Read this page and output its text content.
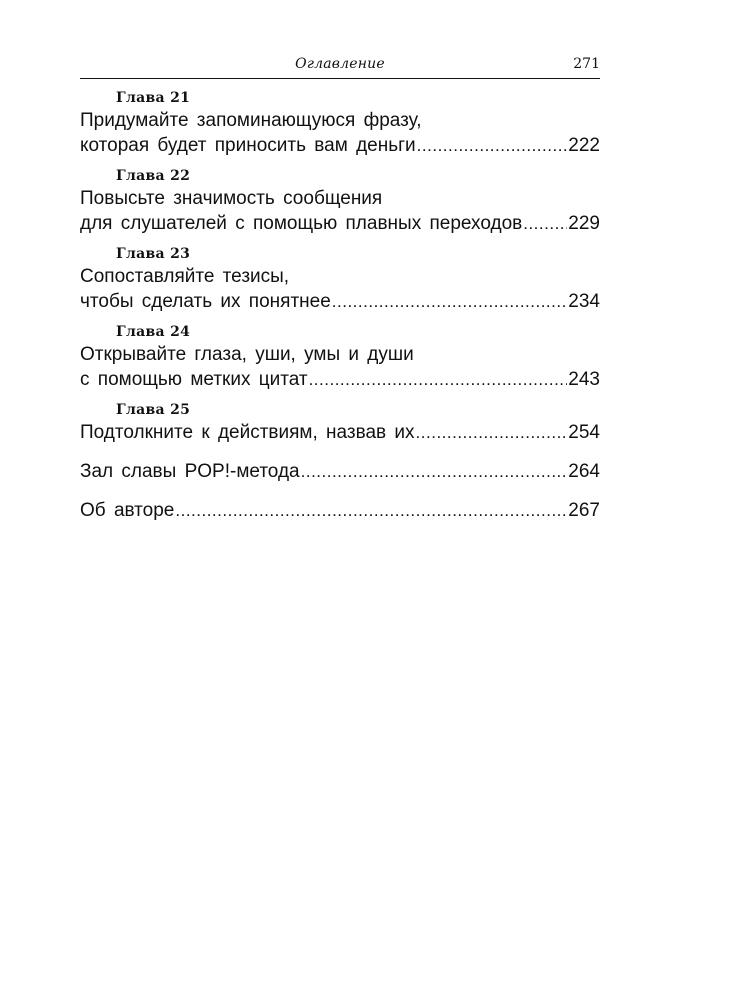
Оглавление	271
Глава 21
Придумайте запоминающуюся фразу,
которая будет приносить вам деньги .....	222
Глава 22
Повысьте значимость сообщения
для слушателей с помощью плавных переходов ..... 229
Глава 23
Сопоставляйте тезисы,
чтобы сделать их понятнее .....	234
Глава 24
Открывайте глаза, уши, умы и души
с помощью метких цитат .....	243
Глава 25
Подтолкните к действиям, назвав их .....	254
Зал славы POP!-метода .....	264
Об авторе .....	267
